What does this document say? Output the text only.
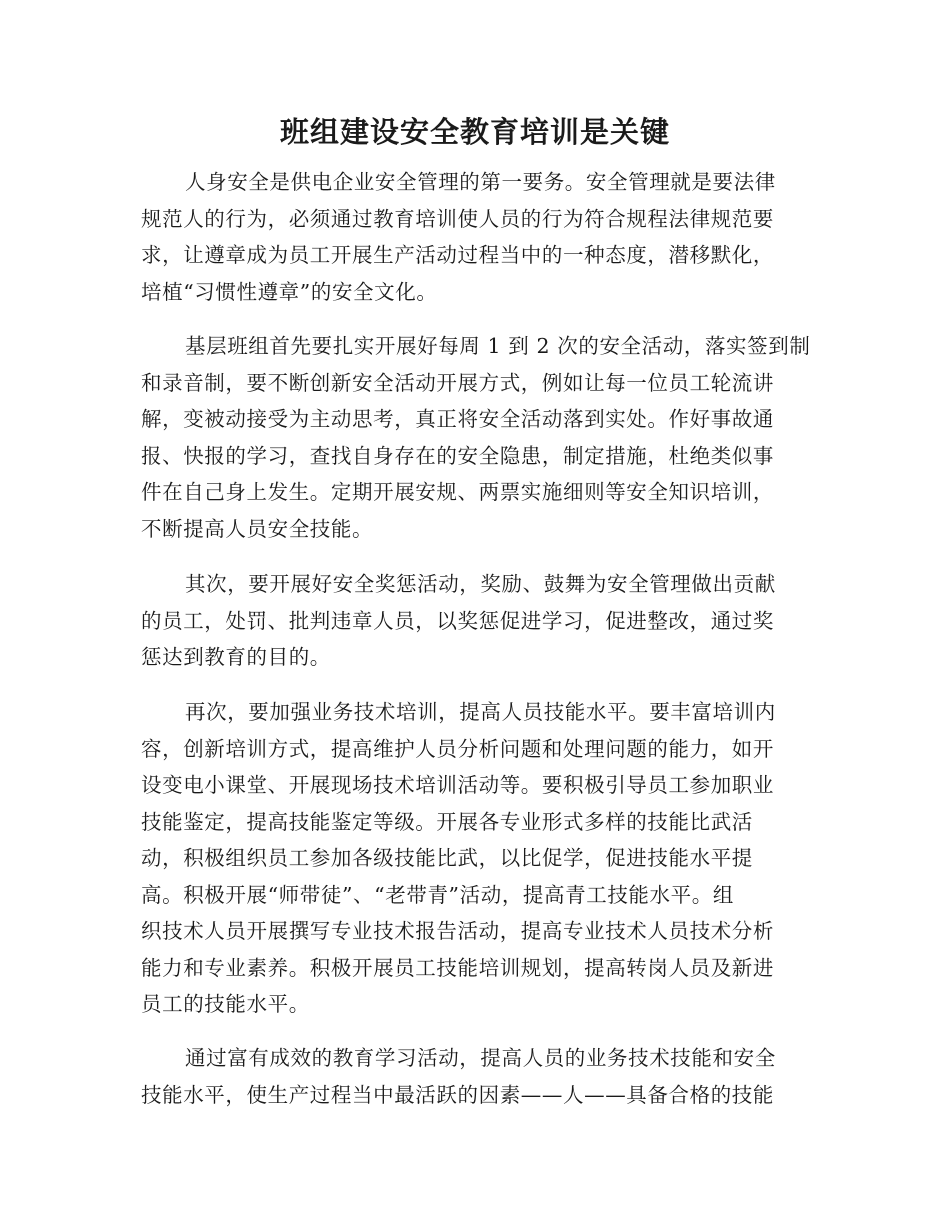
班组建设安全教育培训是关键
人身安全是供电企业安全管理的第一要务。安全管理就是要法律
规范人的行为，必须通过教育培训使人员的行为符合规程法律规范要
求，让遵章成为员工开展生产活动过程当中的一种态度，潜移默化，
培植“习惯性遵章”的安全文化。
基层班组首先要扎实开展好每周 1 到 2 次的安全活动，落实签到制
和录音制，要不断创新安全活动开展方式，例如让每一位员工轮流讲
解，变被动接受为主动思考，真正将安全活动落到实处。作好事故通
报、快报的学习，查找自身存在的安全隐患，制定措施，杜绝类似事
件在自己身上发生。定期开展安规、两票实施细则等安全知识培训，
不断提高人员安全技能。
其次，要开展好安全奖惩活动，奖励、鼓舞为安全管理做出贡献
的员工，处罚、批判违章人员，以奖惩促进学习，促进整改，通过奖
惩达到教育的目的。
再次，要加强业务技术培训，提高人员技能水平。要丰富培训内
容，创新培训方式，提高维护人员分析问题和处理问题的能力，如开
设变电小课堂、开展现场技术培训活动等。要积极引导员工参加职业
技能鉴定，提高技能鉴定等级。开展各专业形式多样的技能比武活
动，积极组织员工参加各级技能比武，以比促学，促进技能水平提
高。积极开展“师带徒”、“老带青”活动，提高青工技能水平。组
织技术人员开展撰写专业技术报告活动，提高专业技术人员技术分析
能力和专业素养。积极开展员工技能培训规划，提高转岗人员及新进
员工的技能水平。
通过富有成效的教育学习活动，提高人员的业务技术技能和安全
技能水平，使生产过程当中最活跃的因素——人——具备合格的技能
